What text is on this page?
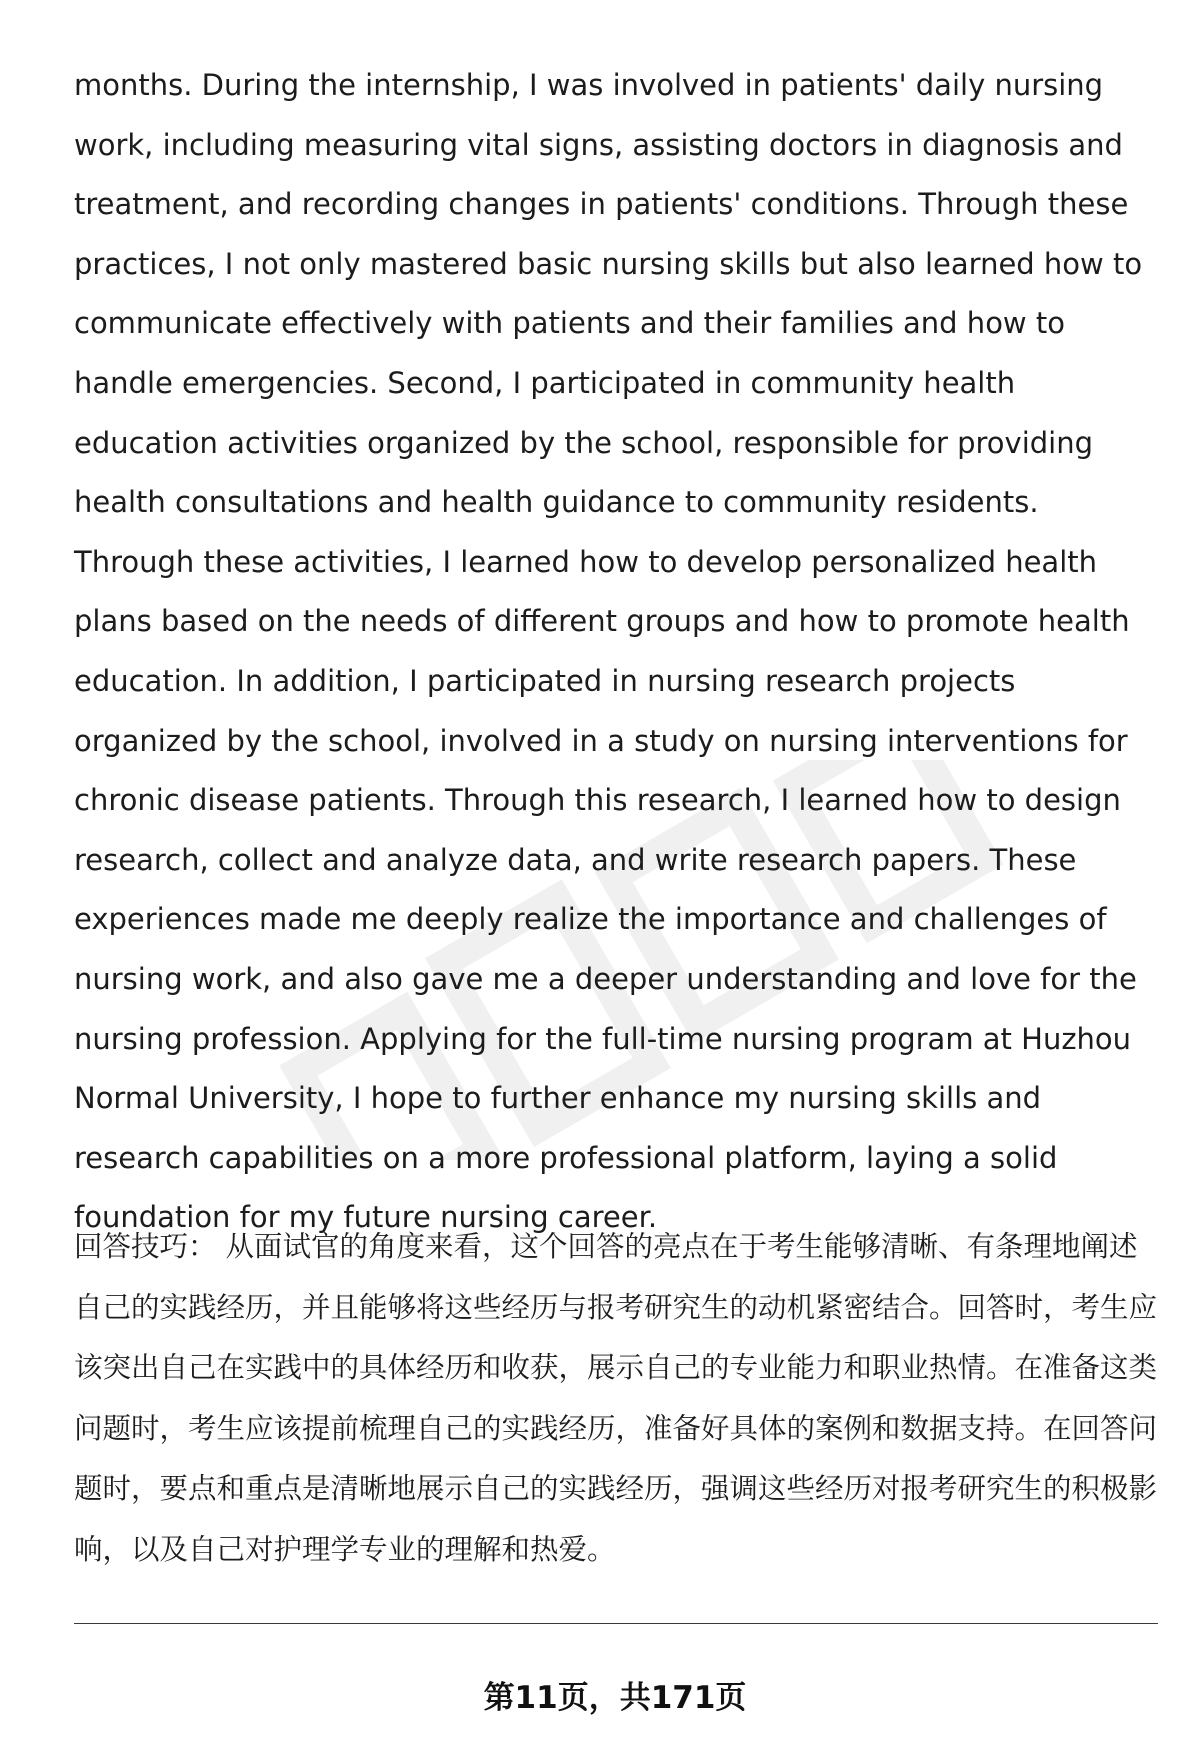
months. During the internship, I was involved in patients' daily nursing work, including measuring vital signs, assisting doctors in diagnosis and treatment, and recording changes in patients' conditions. Through these practices, I not only mastered basic nursing skills but also learned how to communicate effectively with patients and their families and how to handle emergencies. Second, I participated in community health education activities organized by the school, responsible for providing health consultations and health guidance to community residents. Through these activities, I learned how to develop personalized health plans based on the needs of different groups and how to promote health education. In addition, I participated in nursing research projects organized by the school, involved in a study on nursing interventions for chronic disease patients. Through this research, I learned how to design research, collect and analyze data, and write research papers. These experiences made me deeply realize the importance and challenges of nursing work, and also gave me a deeper understanding and love for the nursing profession. Applying for the full-time nursing program at Huzhou Normal University, I hope to further enhance my nursing skills and research capabilities on a more professional platform, laying a solid foundation for my future nursing career.

回答技巧： 从面试官的角度来看，这个回答的亮点在于考生能够清晰、有条理地阐述自己的实践经历，并且能够将这些经历与报考研究生的动机紧密结合。回答时，考生应该突出自己在实践中的具体经历和收获，展示自己的专业能力和职业热情。在准备这类问题时，考生应该提前梳理自己的实践经历，准备好具体的案例和数据支持。在回答问题时，要点和重点是清晰地展示自己的实践经历，强调这些经历对报考研究生的积极影响，以及自己对护理学专业的理解和热爱。

第11页，共171页
